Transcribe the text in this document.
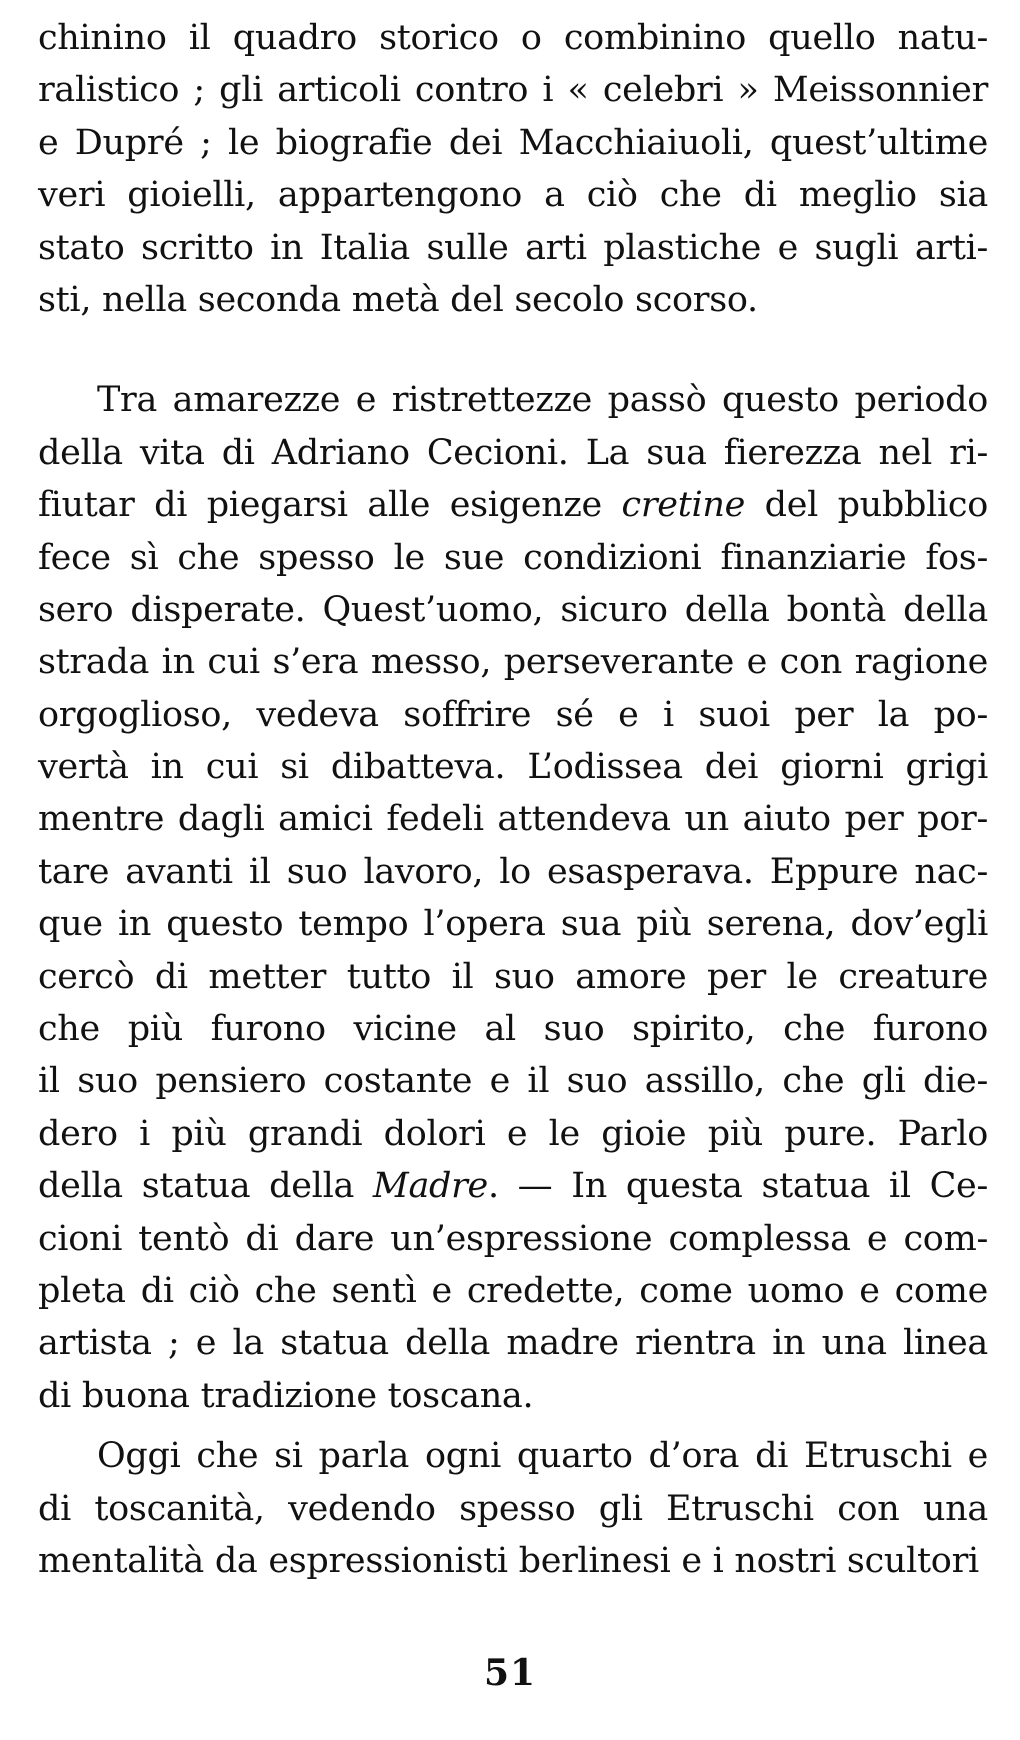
chinino il quadro storico o combinino quello natu-
ralistico ; gli articoli contro i « celebri » Meissonnier
e Dupré ; le biografie dei Macchiaiuoli, quest’ultime
veri gioielli, appartengono a ciò che di meglio sia
stato scritto in Italia sulle arti plastiche e sugli arti-
sti, nella seconda metà del secolo scorso.
Tra amarezze e ristrettezze passò questo periodo
della vita di Adriano Cecioni. La sua fierezza nel ri-
fiutar di piegarsi alle esigenze cretine del pubblico
fece sì che spesso le sue condizioni finanziarie fos-
sero disperate. Quest’uomo, sicuro della bontà della
strada in cui s’era messo, perseverante e con ragione
orgoglioso, vedeva soffrire sé e i suoi per la po-
vertà in cui si dibatteva. L’odissea dei giorni grigi
mentre dagli amici fedeli attendeva un aiuto per por-
tare avanti il suo lavoro, lo esasperava. Eppure nac-
que in questo tempo l’opera sua più serena, dov’egli
cercò di metter tutto il suo amore per le creature
che più furono vicine al suo spirito, che furono
il suo pensiero costante e il suo assillo, che gli die-
dero i più grandi dolori e le gioie più pure. Parlo
della statua della Madre. — In questa statua il Ce-
cioni tentò di dare un’espressione complessa e com-
pleta di ciò che sentì e credette, come uomo e come
artista ; e la statua della madre rientra in una linea
di buona tradizione toscana.
Oggi che si parla ogni quarto d’ora di Etruschi e
di toscanità, vedendo spesso gli Etruschi con una
mentalità da espressionisti berlinesi e i nostri scultori
51
